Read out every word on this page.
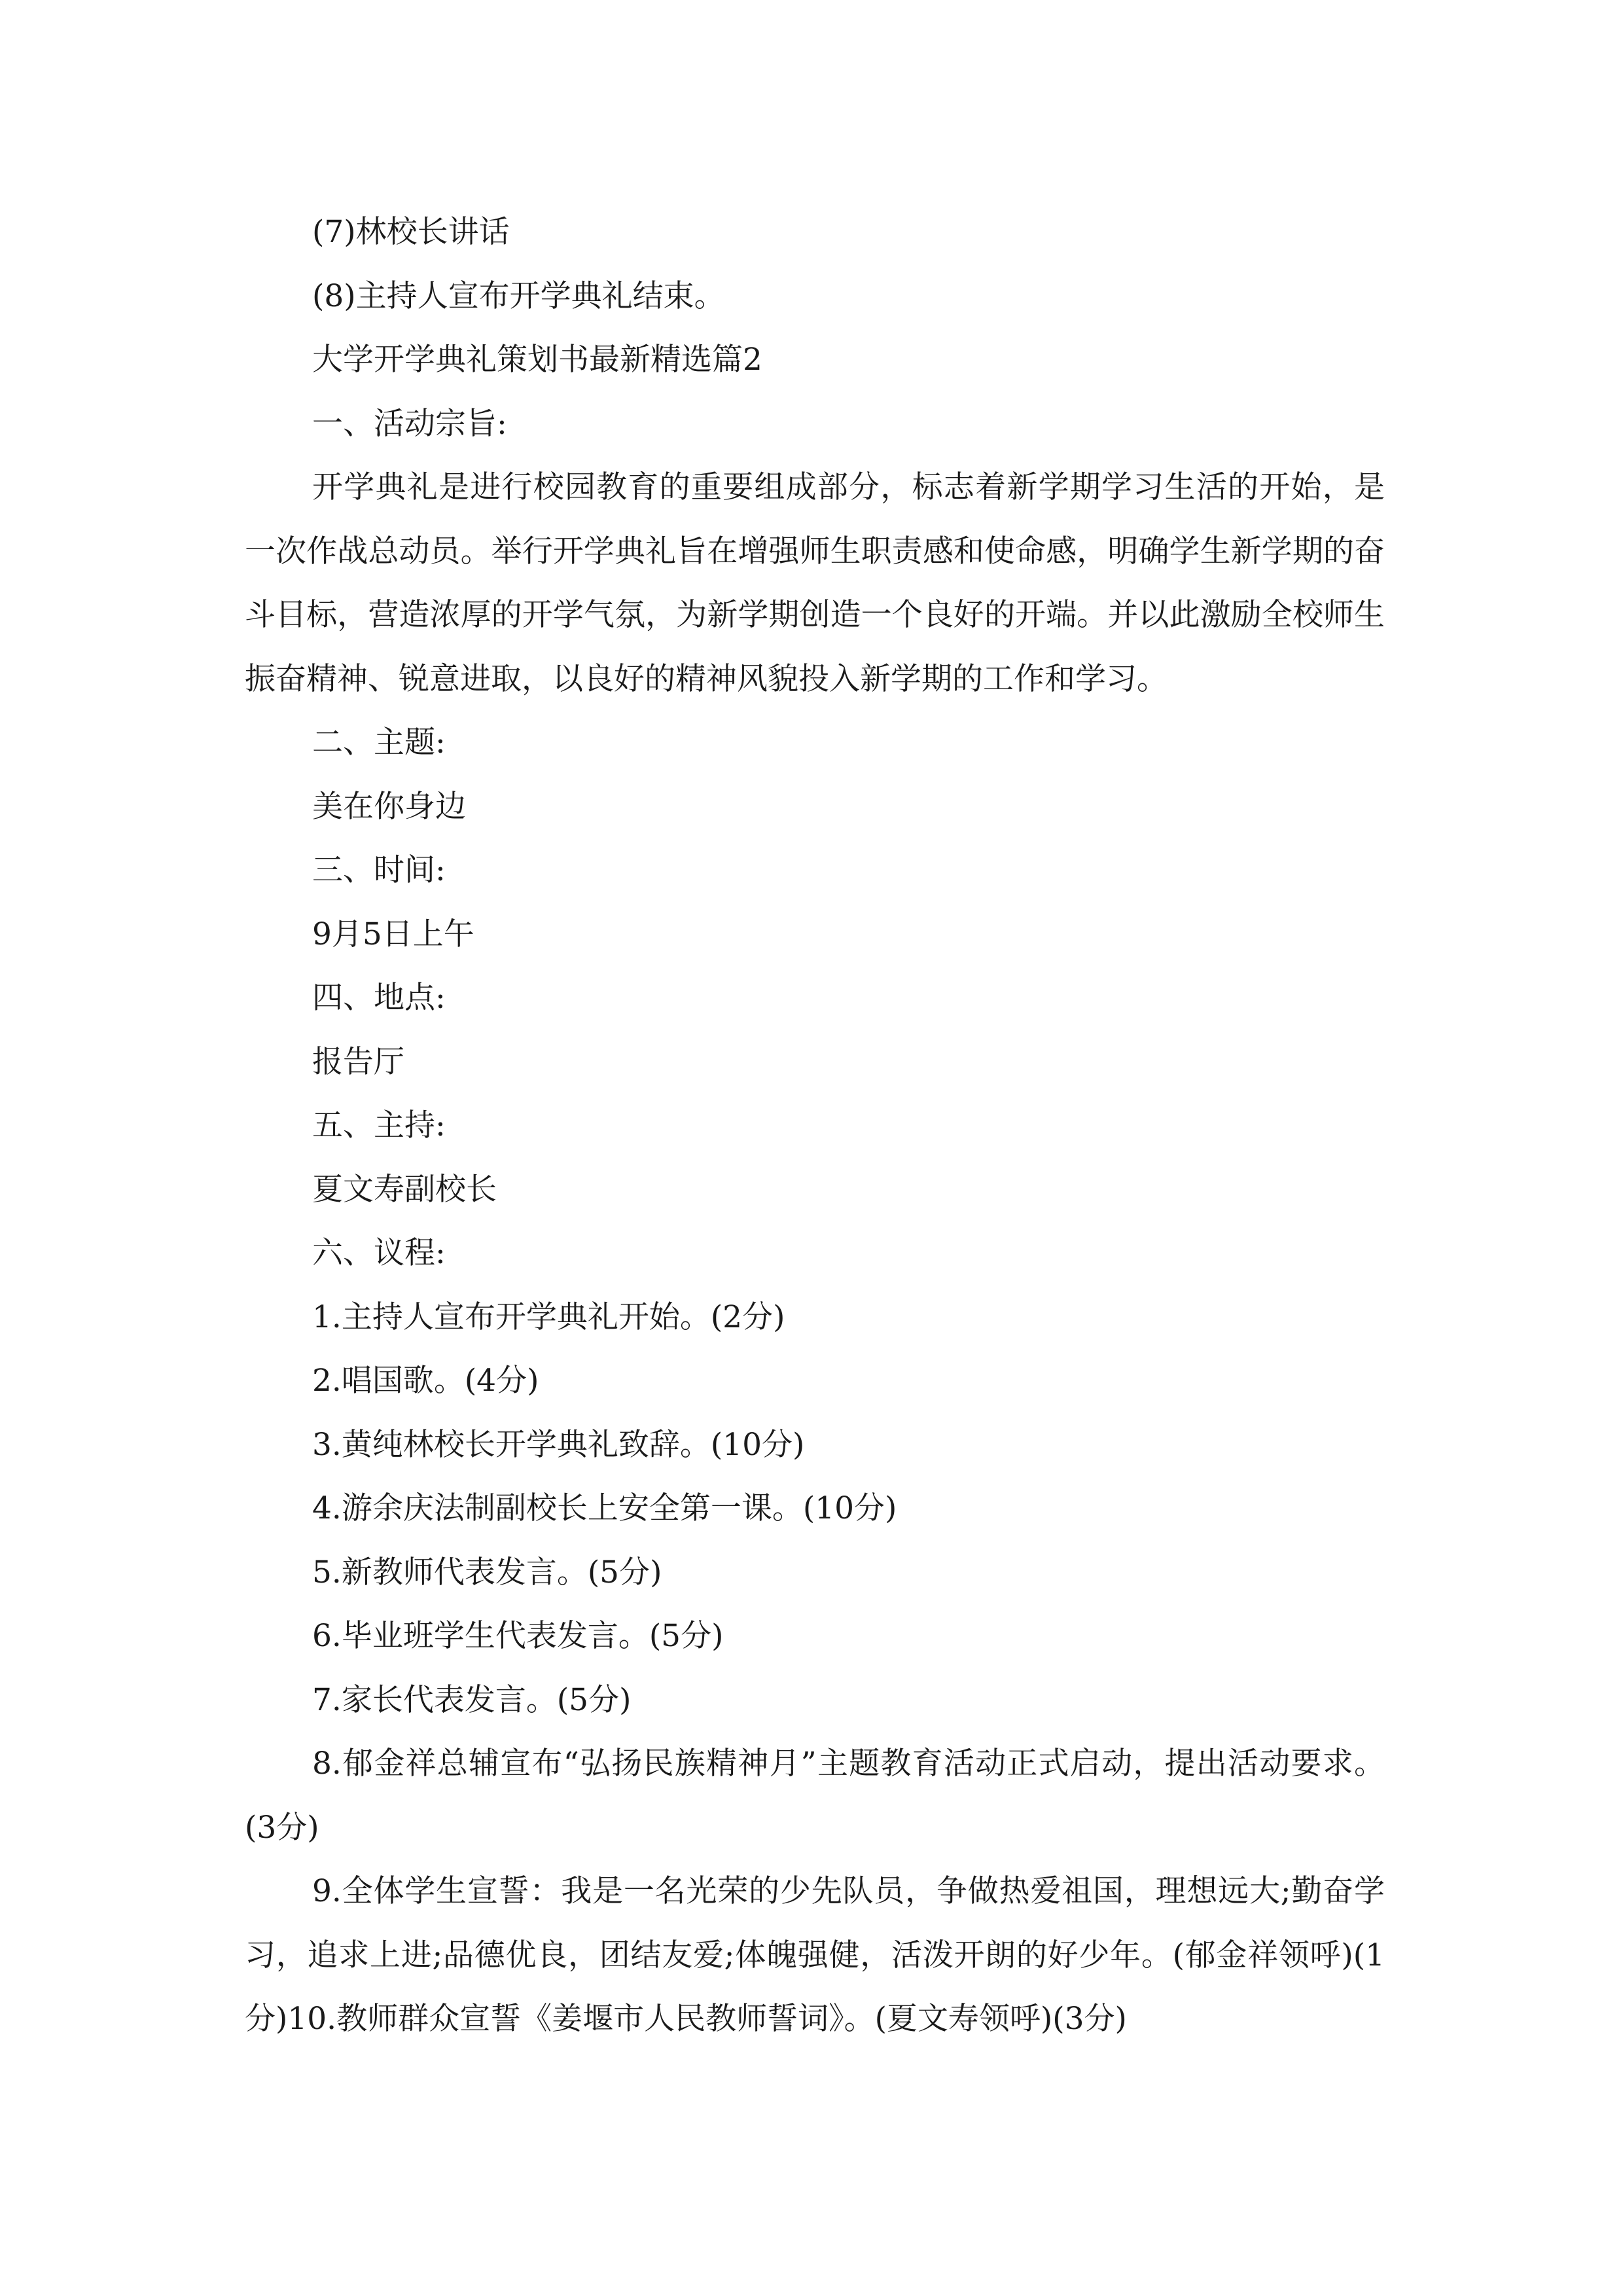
(7)林校长讲话

(8)主持人宣布开学典礼结束。

大学开学典礼策划书最新精选篇2

一、活动宗旨:

开学典礼是进行校园教育的重要组成部分，标志着新学期学习生活的开始，是一次作战总动员。举行开学典礼旨在增强师生职责感和使命感，明确学生新学期的奋斗目标，营造浓厚的开学气氛，为新学期创造一个良好的开端。并以此激励全校师生振奋精神、锐意进取，以良好的精神风貌投入新学期的工作和学习。

二、主题:

美在你身边

三、时间:

9月5日上午

四、地点:

报告厅

五、主持:

夏文寿副校长

六、议程:

1.主持人宣布开学典礼开始。(2分)

2.唱国歌。(4分)

3.黄纯林校长开学典礼致辞。(10分)

4.游余庆法制副校长上安全第一课。(10分)

5.新教师代表发言。(5分)

6.毕业班学生代表发言。(5分)

7.家长代表发言。(5分)

8.郁金祥总辅宣布“弘扬民族精神月”主题教育活动正式启动，提出活动要求。(3分)

9.全体学生宣誓：我是一名光荣的少先队员，争做热爱祖国，理想远大;勤奋学习，追求上进;品德优良，团结友爱;体魄强健，活泼开朗的好少年。(郁金祥领呼)(1分)10.教师群众宣誓《姜堰市人民教师誓词》。(夏文寿领呼)(3分)
